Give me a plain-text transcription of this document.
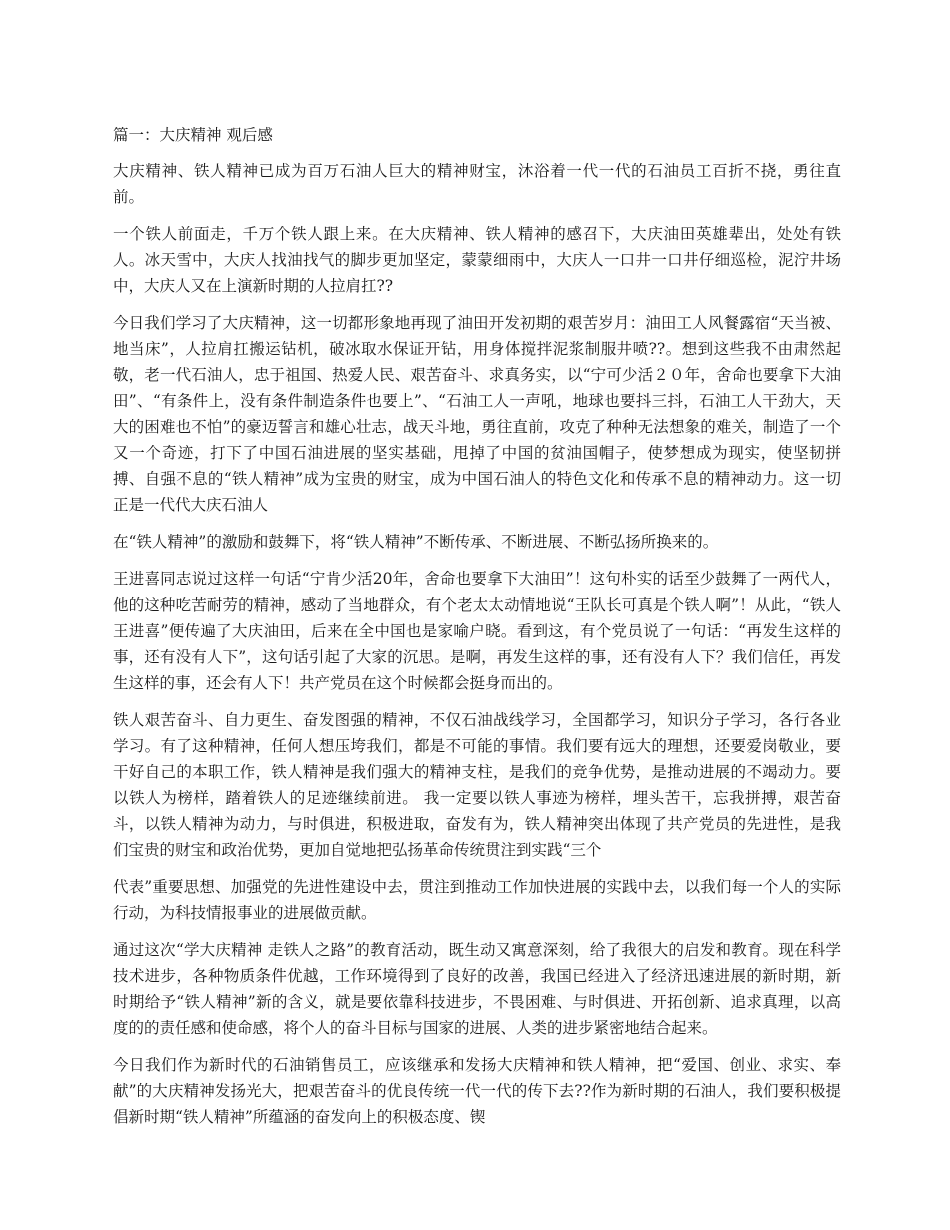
篇一：大庆精神 观后感

大庆精神、铁人精神已成为百万石油人巨大的精神财宝，沐浴着一代一代的石油员工百折不挠，勇往直前。

一个铁人前面走，千万个铁人跟上来。在大庆精神、铁人精神的感召下，大庆油田英雄辈出，处处有铁人。冰天雪中，大庆人找油找气的脚步更加坚定，蒙蒙细雨中，大庆人一口井一口井仔细巡检，泥泞井场中，大庆人又在上演新时期的人拉肩扛??

今日我们学习了大庆精神，这一切都形象地再现了油田开发初期的艰苦岁月：油田工人风餐露宿“天当被、地当床”，人拉肩扛搬运钻机，破冰取水保证开钻，用身体搅拌泥浆制服井喷??。想到这些我不由肃然起敬，老一代石油人，忠于祖国、热爱人民、艰苦奋斗、求真务实，以“宁可少活２０年，舍命也要拿下大油田”、“有条件上，没有条件制造条件也要上”、“石油工人一声吼，地球也要抖三抖，石油工人干劲大，天大的困难也不怕”的豪迈誓言和雄心壮志，战天斗地，勇往直前，攻克了种种无法想象的难关，制造了一个又一个奇迹，打下了中国石油进展的坚实基础，甩掉了中国的贫油国帽子，使梦想成为现实，使坚韧拼搏、自强不息的“铁人精神”成为宝贵的财宝，成为中国石油人的特色文化和传承不息的精神动力。这一切正是一代代大庆石油人

在“铁人精神”的激励和鼓舞下，将“铁人精神”不断传承、不断进展、不断弘扬所换来的。

王进喜同志说过这样一句话“宁肯少活20年，舍命也要拿下大油田”！这句朴实的话至少鼓舞了一两代人，他的这种吃苦耐劳的精神，感动了当地群众，有个老太太动情地说“王队长可真是个铁人啊”！从此，“铁人王进喜”便传遍了大庆油田，后来在全中国也是家喻户晓。看到这，有个党员说了一句话：“再发生这样的事，还有没有人下”，这句话引起了大家的沉思。是啊，再发生这样的事，还有没有人下？我们信任，再发生这样的事，还会有人下！共产党员在这个时候都会挺身而出的。

铁人艰苦奋斗、自力更生、奋发图强的精神，不仅石油战线学习，全国都学习，知识分子学习，各行各业学习。有了这种精神，任何人想压垮我们，都是不可能的事情。我们要有远大的理想，还要爱岗敬业，要干好自己的本职工作，铁人精神是我们强大的精神支柱，是我们的竞争优势，是推动进展的不竭动力。要以铁人为榜样，踏着铁人的足迹继续前进。 我一定要以铁人事迹为榜样，埋头苦干，忘我拼搏，艰苦奋斗，以铁人精神为动力，与时俱进，积极进取，奋发有为，铁人精神突出体现了共产党员的先进性，是我们宝贵的财宝和政治优势，更加自觉地把弘扬革命传统贯注到实践“三个

代表”重要思想、加强党的先进性建设中去，贯注到推动工作加快进展的实践中去，以我们每一个人的实际行动，为科技情报事业的进展做贡献。

通过这次“学大庆精神 走铁人之路”的教育活动，既生动又寓意深刻，给了我很大的启发和教育。现在科学技术进步，各种物质条件优越，工作环境得到了良好的改善，我国已经进入了经济迅速进展的新时期，新时期给予“铁人精神”新的含义，就是要依靠科技进步，不畏困难、与时俱进、开拓创新、追求真理，以高度的的责任感和使命感，将个人的奋斗目标与国家的进展、人类的进步紧密地结合起来。

今日我们作为新时代的石油销售员工，应该继承和发扬大庆精神和铁人精神，把“爱国、创业、求实、奉献”的大庆精神发扬光大，把艰苦奋斗的优良传统一代一代的传下去??作为新时期的石油人，我们要积极提倡新时期“铁人精神”所蕴涵的奋发向上的积极态度、锲
